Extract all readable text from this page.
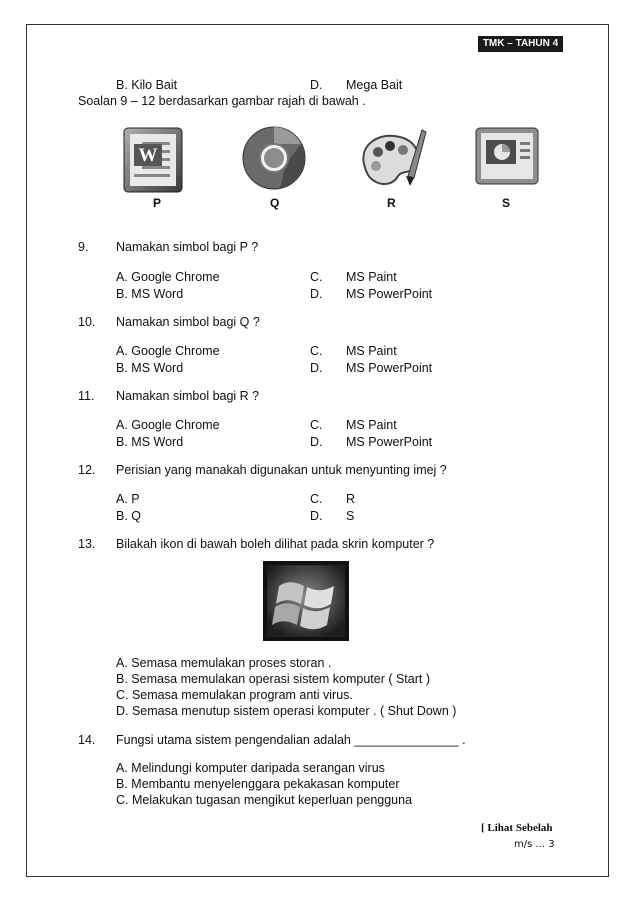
TMK – TAHUN 4
B. Kilo Bait	D. Mega Bait
Soalan 9 – 12 berdasarkan gambar rajah di bawah .
W
P	Q	R	S
9. Namakan simbol bagi P ?
A. Google Chrome	C. MS Paint
B. MS Word	D. MS PowerPoint
10. Namakan simbol bagi Q ?
A. Google Chrome	C. MS Paint
B. MS Word	D. MS PowerPoint
11. Namakan simbol bagi R ?
A. Google Chrome	C. MS Paint
B. MS Word	D. MS PowerPoint
12. Perisian yang manakah digunakan untuk menyunting imej ?
A. P	C. R
B. Q	D. S
13. Bilakah ikon di bawah boleh dilihat pada skrin komputer ?
A. Semasa memulakan proses storan .
B. Semasa memulakan operasi sistem komputer ( Start )
C. Semasa memulakan program anti virus.
D. Semasa menutup sistem operasi komputer . ( Shut Down )
14. Fungsi utama sistem pengendalian adalah _______________ .
A. Melindungi komputer daripada serangan virus
B. Membantu menyelenggara pekakasan komputer
C. Melakukan tugasan mengikut keperluan pengguna
[ Lihat Sebelah
m/s ... 3
